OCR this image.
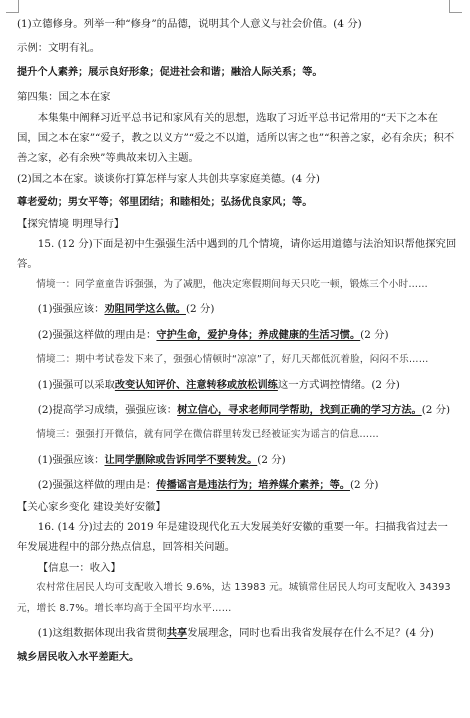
(1)立德修身。列举一种“修身”的品德，说明其个人意义与社会价值。(4 分)
示例：文明有礼。
提升个人素养；展示良好形象；促进社会和谐；融洽人际关系；等。
第四集：国之本在家
本集集中阐释习近平总书记和家风有关的思想，选取了习近平总书记常用的“天下之本在国，国之本在家”“爱子，教之以义方”“爱之不以道，适所以害之也”“积善之家，必有余庆；积不善之家，必有余殃”等典故来切入主题。
(2)国之本在家。谈谈你打算怎样与家人共创共享家庭美德。(4 分)
尊老爱幼；男女平等；邻里团结；和睦相处；弘扬优良家风；等。
【探究情境 明理导行】
15. (12 分)下面是初中生强强生活中遇到的几个情境，请你运用道德与法治知识帮他探究回答。
情境一：同学童童告诉强强，为了减肥，他决定寒假期间每天只吃一顿，锻炼三个小时……
(1)强强应该：劝阻同学这么做。(2 分)
(2)强强这样做的理由是：守护生命，爱护身体；养成健康的生活习惯。(2 分)
情境二：期中考试卷发下来了，强强心情顿时“凉凉”了，好几天都低沉着脸，闷闷不乐……
(1)强强可以采取改变认知评价、注意转移或放松训练这一方式调控情绪。(2 分)
(2)提高学习成绩，强强应该：树立信心，寻求老师同学帮助，找到正确的学习方法。(2 分)
情境三：强强打开微信，就有同学在微信群里转发已经被证实为谣言的信息……
(1)强强应该：让同学删除或告诉同学不要转发。(2 分)
(2)强强这样做的理由是：传播谣言是违法行为；培养媒介素养；等。(2 分)
【关心家乡变化 建设美好安徽】
16. (14 分)过去的 2019 年是建设现代化五大发展美好安徽的重要一年。扫描我省过去一年发展进程中的部分热点信息，回答相关问题。
【信息一：收入】
农村常住居民人均可支配收入增长 9.6%，达 13983 元。城镇常住居民人均可支配收入 34393 元，增长 8.7%。增长率均高于全国平均水平……
(1)这组数据体现出我省贯彻共享发展理念，同时也看出我省发展存在什么不足？(4 分)
城乡居民收入水平差距大。
